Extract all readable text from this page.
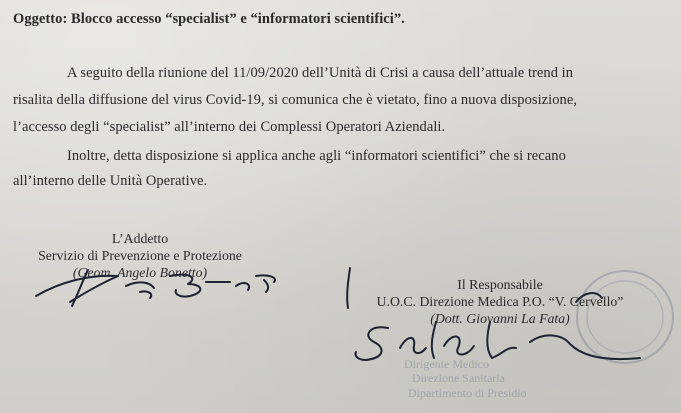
Oggetto: Blocco accesso “specialist” e “informatori scientifici”.
A seguito della riunione del 11/09/2020 dell’Unità di Crisi a causa dell’attuale trend in
risalita della diffusione del virus Covid-19, si comunica che è vietato, fino a nuova disposizione,
l’accesso degli “specialist” all’interno dei Complessi Operatori Aziendali.
Inoltre, detta disposizione si applica anche agli “informatori scientifici” che si recano
all’interno delle Unità Operative.
L’Addetto
Servizio di Prevenzione e Protezione
(Geom. Angelo Bonetto)
Dirigente Medico
Direzione Sanitaria
Dipartimento di Presidio
Il Responsabile
U.O.C. Direzione Medica P.O. “V. Cervello”
(Dott. Giovanni La Fata)
